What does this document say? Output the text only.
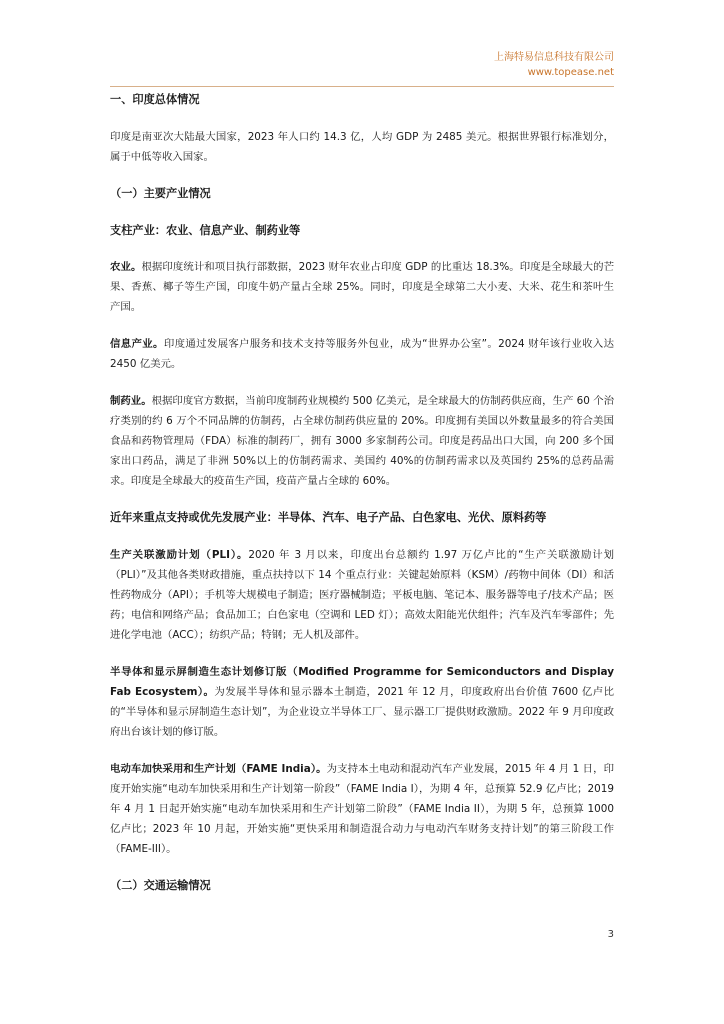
上海特易信息科技有限公司
www.topease.net

一、印度总体情况

印度是南亚次大陆最大国家，2023 年人口约 14.3 亿，人均 GDP 为 2485 美元。根据世界银行标准划分，属于中低等收入国家。

（一）主要产业情况

支柱产业：农业、信息产业、制药业等

农业。根据印度统计和项目执行部数据，2023 财年农业占印度 GDP 的比重达 18.3%。印度是全球最大的芒果、香蕉、椰子等生产国，印度牛奶产量占全球 25%。同时，印度是全球第二大小麦、大米、花生和茶叶生产国。

信息产业。印度通过发展客户服务和技术支持等服务外包业，成为“世界办公室”。2024 财年该行业收入达 2450 亿美元。

制药业。根据印度官方数据，当前印度制药业规模约 500 亿美元，是全球最大的仿制药供应商，生产 60 个治疗类别的约 6 万个不同品牌的仿制药，占全球仿制药供应量的 20%。印度拥有美国以外数量最多的符合美国食品和药物管理局（FDA）标准的制药厂，拥有 3000 多家制药公司。印度是药品出口大国，向 200 多个国家出口药品，满足了非洲 50%以上的仿制药需求、美国约 40%的仿制药需求以及英国约 25%的总药品需求。印度是全球最大的疫苗生产国，疫苗产量占全球的 60%。

近年来重点支持或优先发展产业：半导体、汽车、电子产品、白色家电、光伏、原料药等

生产关联激励计划（PLI）。2020 年 3 月以来，印度出台总额约 1.97 万亿卢比的“生产关联激励计划（PLI）”及其他各类财政措施，重点扶持以下 14 个重点行业：关键起始原料（KSM）/药物中间体（DI）和活性药物成分（API）；手机等大规模电子制造；医疗器械制造；平板电脑、笔记本、服务器等电子/技术产品；医药；电信和网络产品；食品加工；白色家电（空调和 LED 灯）；高效太阳能光伏组件；汽车及汽车零部件；先进化学电池（ACC）；纺织产品；特钢；无人机及部件。

半导体和显示屏制造生态计划修订版（Modified Programme for Semiconductors and Display Fab Ecosystem）。为发展半导体和显示器本土制造，2021 年 12 月，印度政府出台价值 7600 亿卢比的“半导体和显示屏制造生态计划”，为企业设立半导体工厂、显示器工厂提供财政激励。2022 年 9 月印度政府出台该计划的修订版。

电动车加快采用和生产计划（FAME India）。为支持本土电动和混动汽车产业发展，2015 年 4 月 1 日，印度开始实施“电动车加快采用和生产计划第一阶段”（FAME India I），为期 4 年，总预算 52.9 亿卢比；2019 年 4 月 1 日起开始实施“电动车加快采用和生产计划第二阶段”（FAME India II），为期 5 年，总预算 1000 亿卢比；2023 年 10 月起，开始实施“更快采用和制造混合动力与电动汽车财务支持计划”的第三阶段工作（FAME-III）。

（二）交通运输情况

3
